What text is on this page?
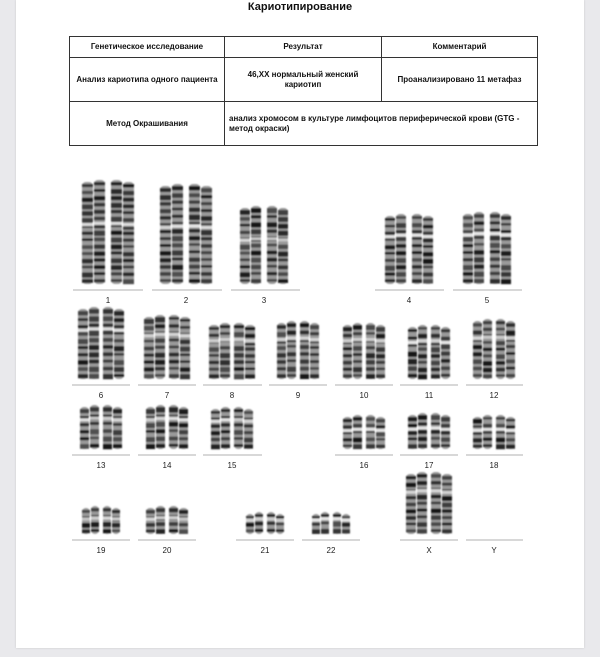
Кариотипирование
Генетическое исследование	Результат	Комментарий
Анализ кариотипа одного пациента	46,XX нормальный женский кариотип	Проанализировано 11 метафаз
Метод Окрашивания	анализ хромосом в культуре лимфоцитов периферической крови (GTG - метод окраски)	
1	2	3	4	5
6	7	8	9	10	11	12
13	14	15	16	17	18
19	20	21	22	X	Y
